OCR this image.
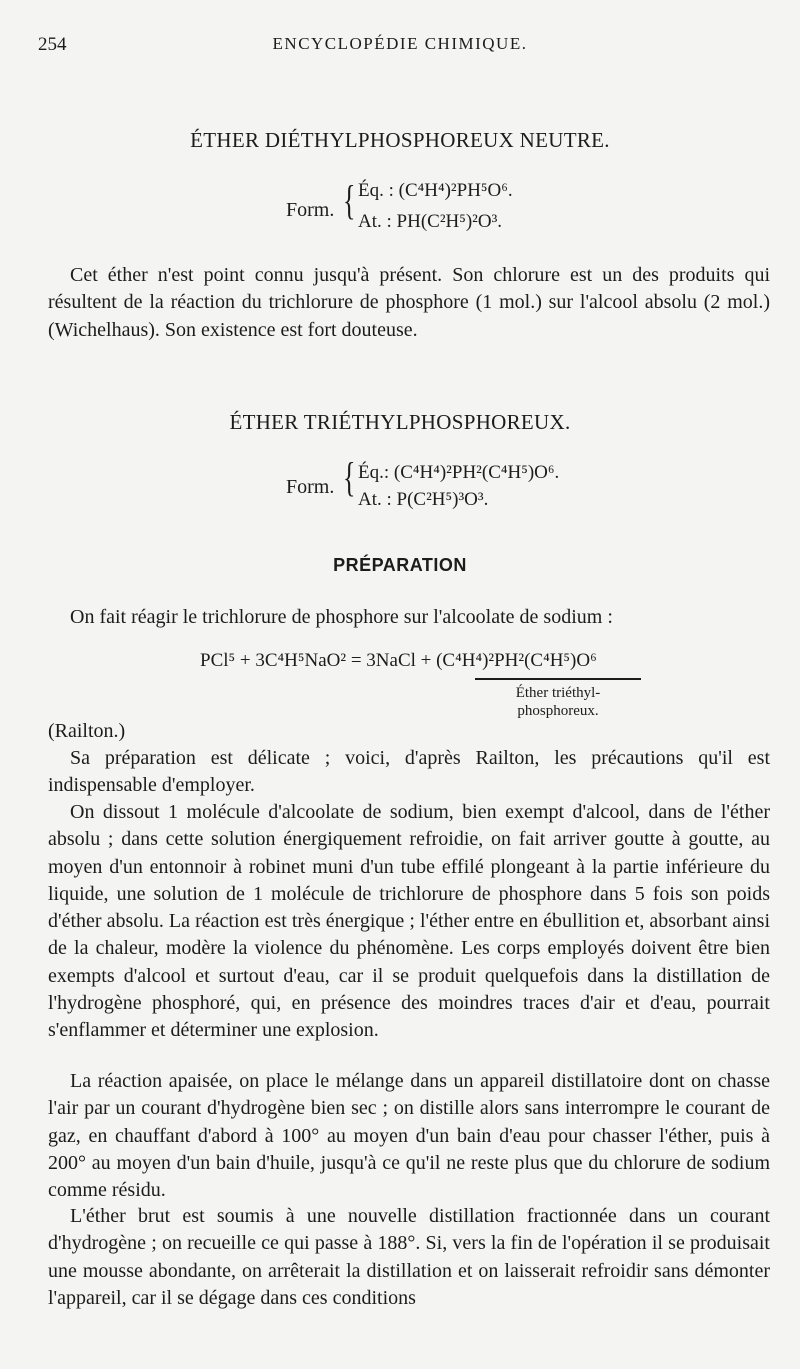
254	ENCYCLOPÉDIE CHIMIQUE.
ÉTHER DIÉTHYLPHOSPHOREUX NEUTRE.
Form. { Éq. : (C⁴H⁴)²PH⁵O⁶.
At. : PH(C²H⁵)²O³.
Cet éther n'est point connu jusqu'à présent. Son chlorure est un des produits qui résultent de la réaction du trichlorure de phosphore (1 mol.) sur l'alcool absolu (2 mol.) (Wichelhaus). Son existence est fort douteuse.
ÉTHER TRIÉTHYLPHOSPHOREUX.
Form. { Éq.: (C⁴H⁴)²PH²(C⁴H⁵)O⁶.
At. : P(C²H⁵)³O³.
PRÉPARATION
On fait réagir le trichlorure de phosphore sur l'alcoolate de sodium :
PCl⁵ + 3C⁴H⁵NaO² = 3NaCl + (C⁴H⁴)²PH²(C⁴H⁵)O⁶
Éther triéthyl-phosphoreux.
(Railton.)
Sa préparation est délicate ; voici, d'après Railton, les précautions qu'il est indispensable d'employer.
On dissout 1 molécule d'alcoolate de sodium, bien exempt d'alcool, dans de l'éther absolu ; dans cette solution énergiquement refroidie, on fait arriver goutte à goutte, au moyen d'un entonnoir à robinet muni d'un tube effilé plongeant à la partie inférieure du liquide, une solution de 1 molécule de trichlorure de phosphore dans 5 fois son poids d'éther absolu. La réaction est très énergique ; l'éther entre en ébullition et, absorbant ainsi de la chaleur, modère la violence du phénomène. Les corps employés doivent être bien exempts d'alcool et surtout d'eau, car il se produit quelquefois dans la distillation de l'hydrogène phosphoré, qui, en présence des moindres traces d'air et d'eau, pourrait s'enflammer et déterminer une explosion.
La réaction apaisée, on place le mélange dans un appareil distillatoire dont on chasse l'air par un courant d'hydrogène bien sec ; on distille alors sans interrompre le courant de gaz, en chauffant d'abord à 100° au moyen d'un bain d'eau pour chasser l'éther, puis à 200° au moyen d'un bain d'huile, jusqu'à ce qu'il ne reste plus que du chlorure de sodium comme résidu.
L'éther brut est soumis à une nouvelle distillation fractionnée dans un courant d'hydrogène ; on recueille ce qui passe à 188°. Si, vers la fin de l'opération il se produisait une mousse abondante, on arrêterait la distillation et on laisserait refroidir sans démonter l'appareil, car il se dégage dans ces conditions
